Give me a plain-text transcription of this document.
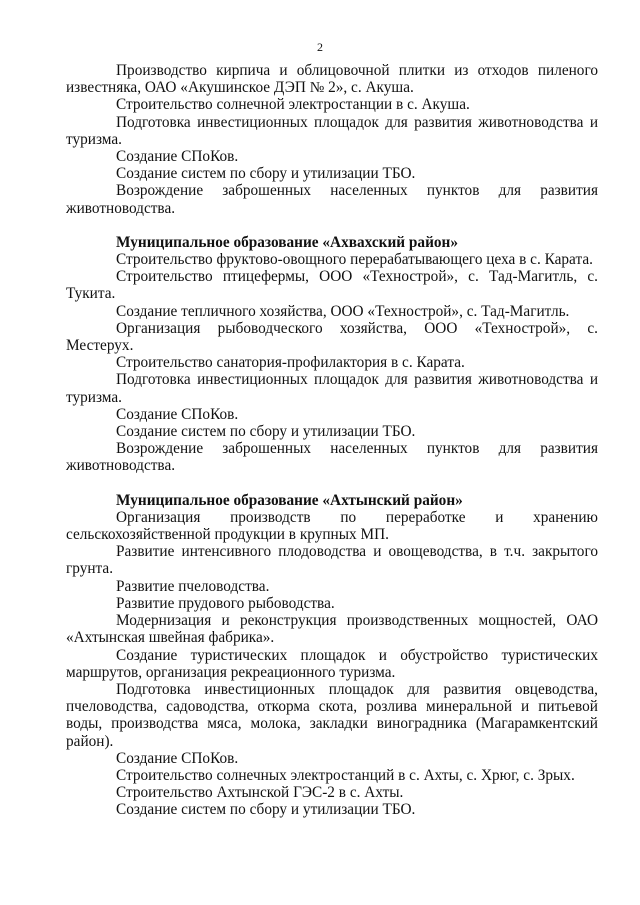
2

Производство кирпича и облицовочной плитки из отходов пиленого известняка, ОАО «Акушинское ДЭП № 2», с. Акуша.

Строительство солнечной электростанции в с. Акуша.

Подготовка инвестиционных площадок для развития животноводства и туризма.

Создание СПоКов.

Создание систем по сбору и утилизации ТБО.

Возрождение заброшенных населенных пунктов для развития животноводства.

Муниципальное образование «Ахвахский район»

Строительство фруктово-овощного перерабатывающего цеха в с. Карата.

Строительство птицефермы, ООО «Технострой», с. Тад-Магитль, с. Тукита.

Создание тепличного хозяйства, ООО «Технострой», с. Тад-Магитль.

Организация рыбоводческого хозяйства, ООО «Технострой», с. Местерух.

Строительство санатория-профилактория в с. Карата.

Подготовка инвестиционных площадок для развития животноводства и туризма.

Создание СПоКов.

Создание систем по сбору и утилизации ТБО.

Возрождение заброшенных населенных пунктов для развития животноводства.

Муниципальное образование «Ахтынский район»

Организация производств по переработке и хранению сельскохозяйственной продукции в крупных МП.

Развитие интенсивного плодоводства и овощеводства, в т.ч. закрытого грунта.

Развитие пчеловодства.

Развитие прудового рыбоводства.

Модернизация и реконструкция производственных мощностей, ОАО «Ахтынская швейная фабрика».

Создание туристических площадок и обустройство туристических маршрутов, организация рекреационного туризма.

Подготовка инвестиционных площадок для развития овцеводства, пчеловодства, садоводства, откорма скота, розлива минеральной и питьевой воды, производства мяса, молока, закладки виноградника (Магарамкентский район).

Создание СПоКов.

Строительство солнечных электростанций в с. Ахты, с. Хрюг, с. Зрых.

Строительство Ахтынской ГЭС-2 в с. Ахты.

Создание систем по сбору и утилизации ТБО.
